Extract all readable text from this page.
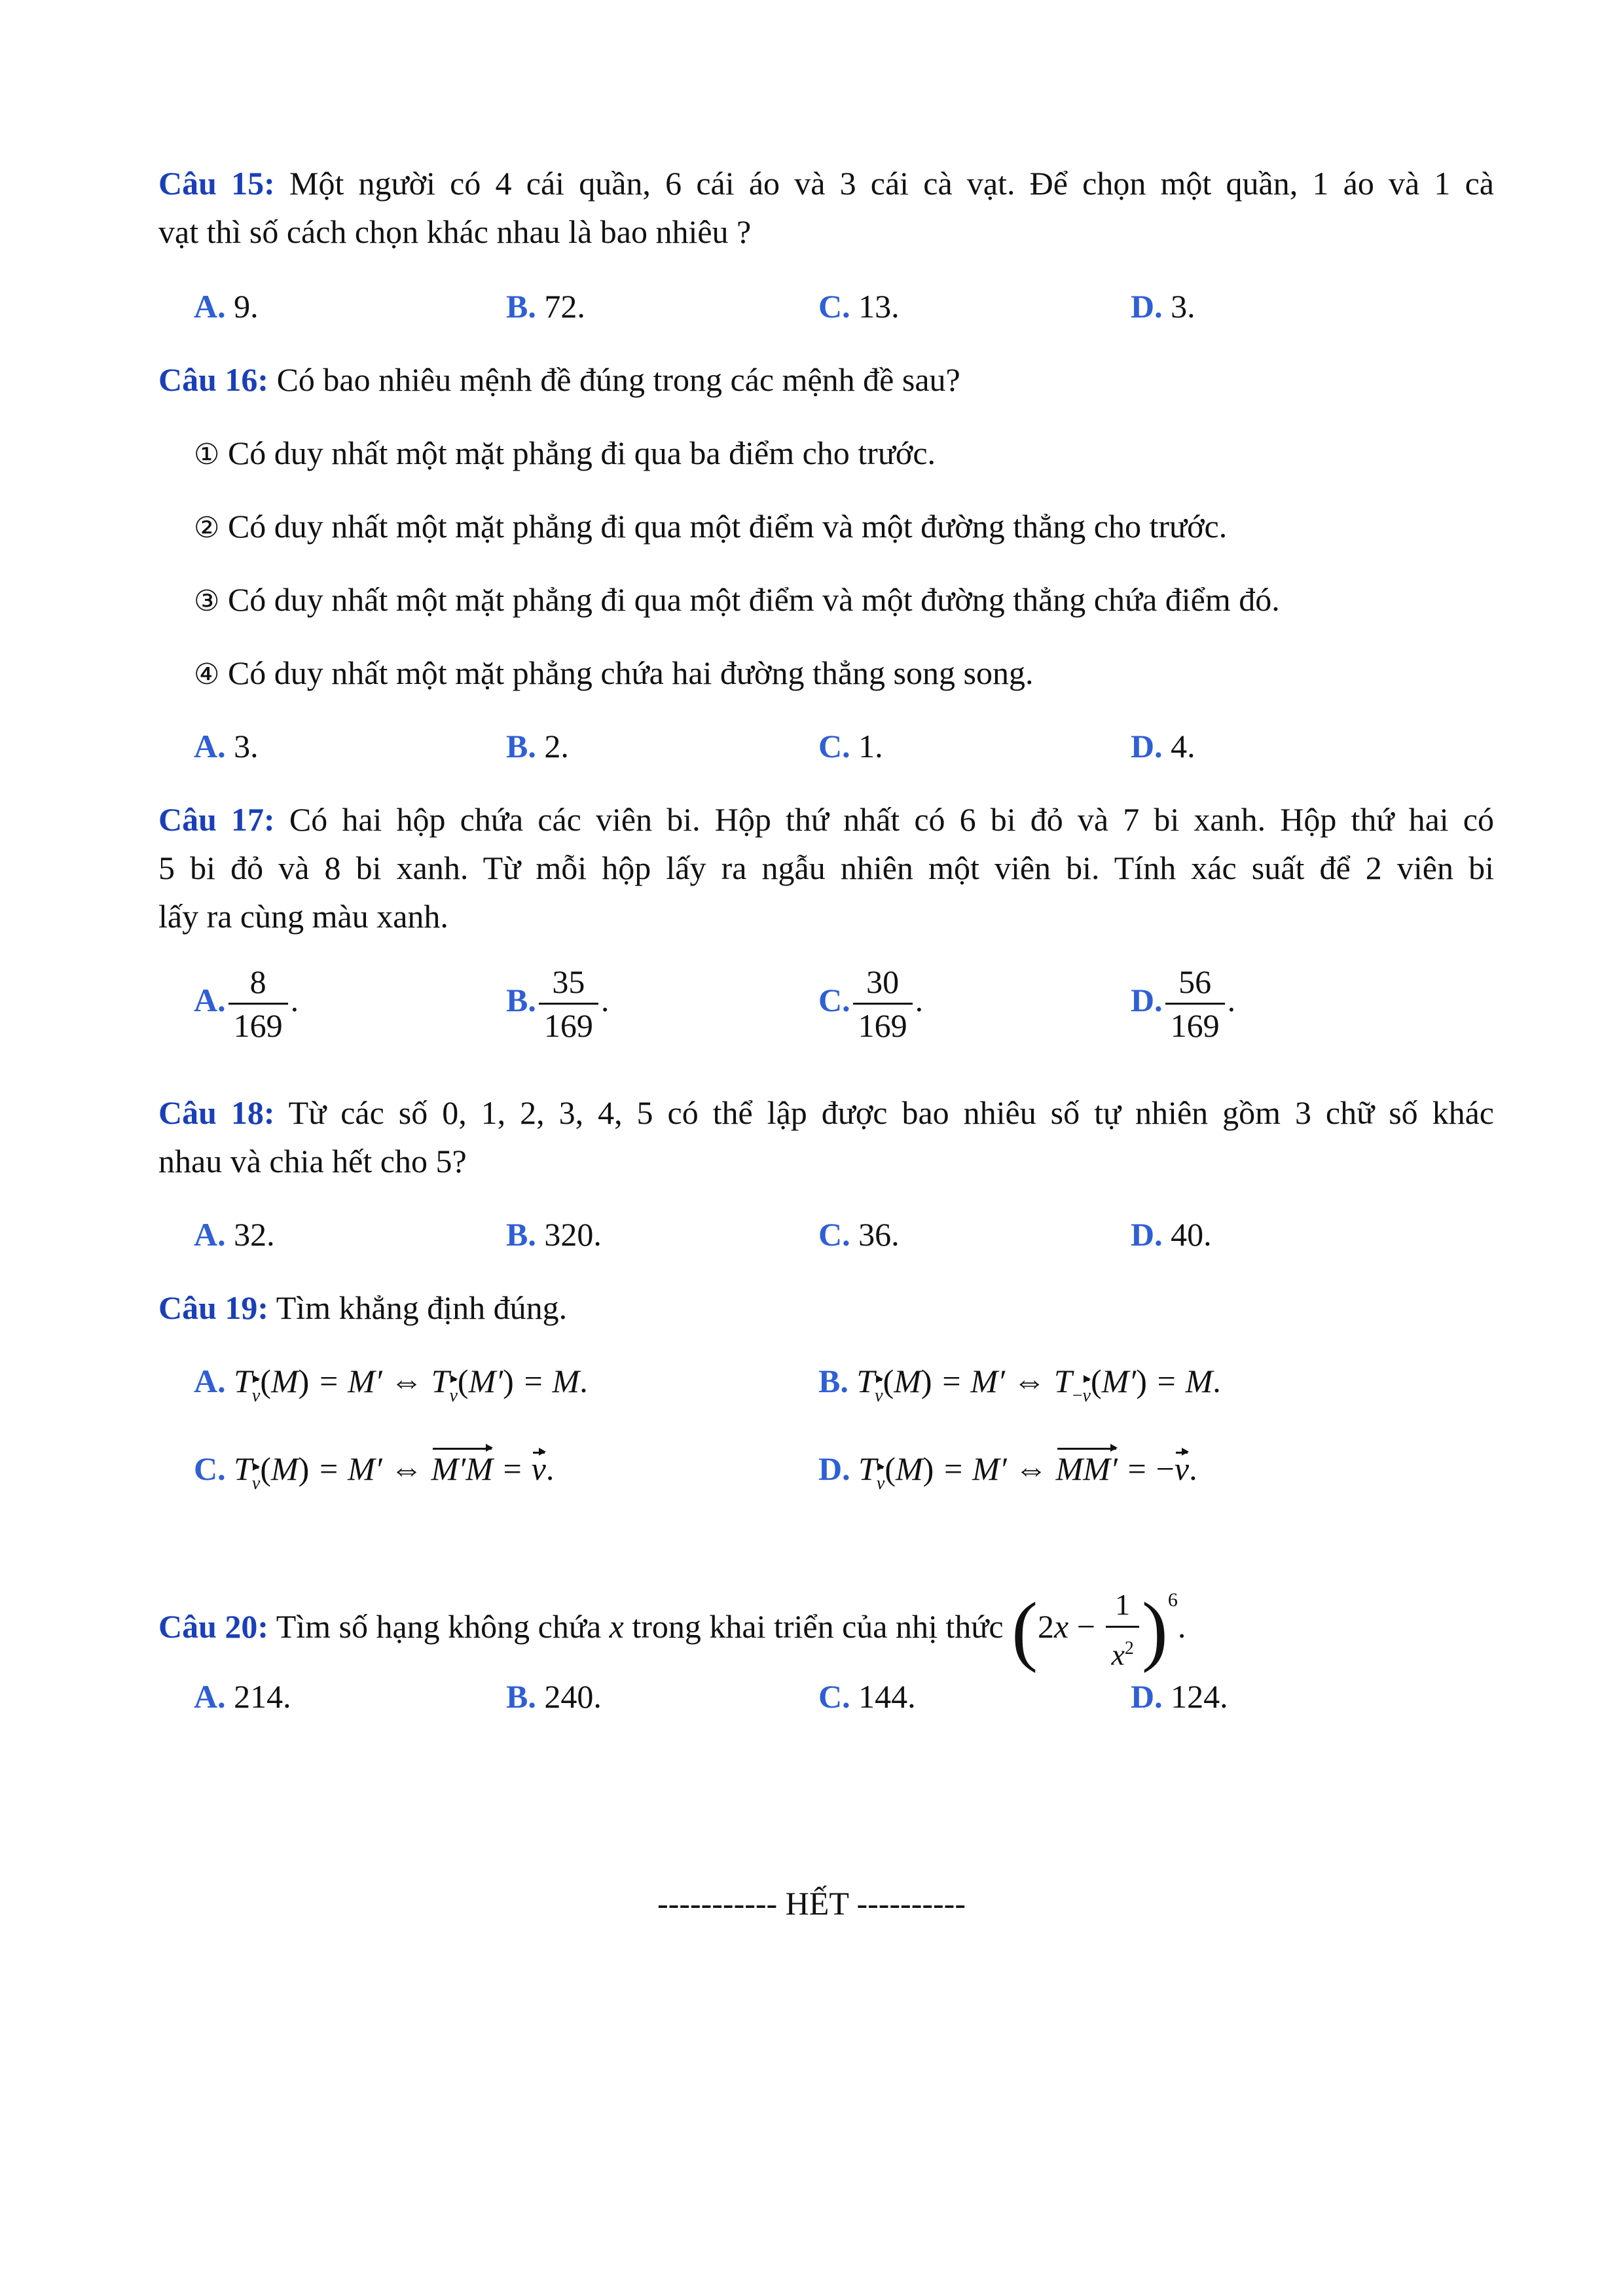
Câu 15: Một người có 4 cái quần, 6 cái áo và 3 cái cà vạt. Để chọn một quần, 1 áo và 1 cà
vạt thì số cách chọn khác nhau là bao nhiêu ?
A. 9.	B. 72.	C. 13.	D. 3.
Câu 16: Có bao nhiêu mệnh đề đúng trong các mệnh đề sau?
① Có duy nhất một mặt phẳng đi qua ba điểm cho trước.
② Có duy nhất một mặt phẳng đi qua một điểm và một đường thẳng cho trước.
③ Có duy nhất một mặt phẳng đi qua một điểm và một đường thẳng chứa điểm đó.
④ Có duy nhất một mặt phẳng chứa hai đường thẳng song song.
A. 3.	B. 2.	C. 1.	D. 4.
Câu 17: Có hai hộp chứa các viên bi. Hộp thứ nhất có 6 bi đỏ và 7 bi xanh. Hộp thứ hai có
5 bi đỏ và 8 bi xanh. Từ mỗi hộp lấy ra ngẫu nhiên một viên bi. Tính xác suất để 2 viên bi
lấy ra cùng màu xanh.
A. $\frac{8}{169}$ .	B. $\frac{35}{169}$ .	C. $\frac{30}{169}$ .	D. $\frac{56}{169}$ .
Câu 18: Từ các số 0, 1, 2, 3, 4, 5 có thể lập được bao nhiêu số tự nhiên gồm 3 chữ số khác
nhau và chia hết cho 5?
A. 32.	B. 320.	C. 36.	D. 40.
Câu 19: Tìm khẳng định đúng.
A. $T_v(M) = M'$ ⇔ $T_v(M') = M$.	B. $T_v(M) = M'$ ⇔ $T_{-v}(M') = M$.
C. $T_v(M) = M'$ ⇔ M′M = v.	D. $T_v(M) = M'$ ⇔ MM′ = −v.
Câu 20: Tìm số hạng không chứa x trong khai triển của nhị thức $(2x - \frac{1}{x^2} )^6$.
A. 214.	B. 240.	C. 144.	D. 124.
----------- HẾT ----------
